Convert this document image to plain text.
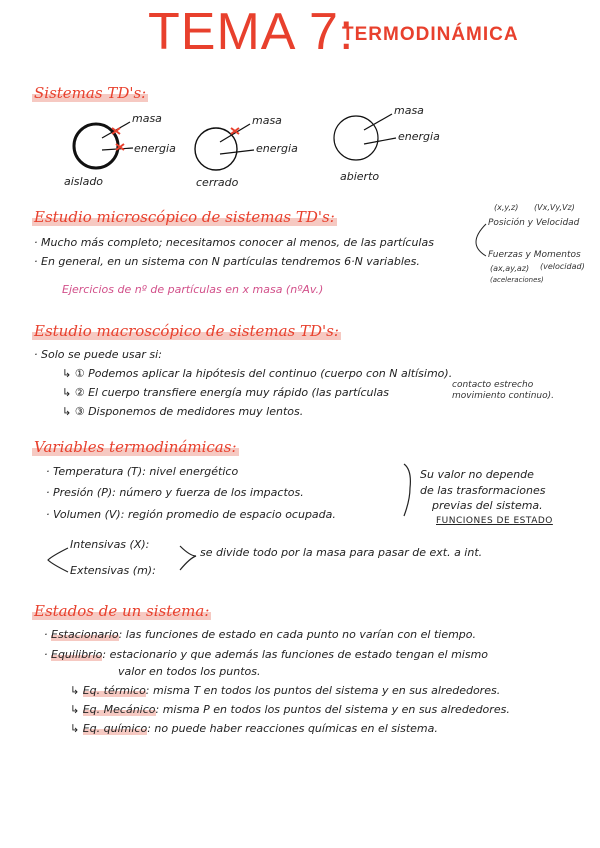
TEMA 7:
TERMODINÁMICA
Sistemas TD's:
masa
energia
masa
energia
masa
energia
aislado	cerrado	abierto
Estudio microscópico de sistemas TD's:
· Mucho más completo; necesitamos conocer al menos, de las partículas
· En general, en un sistema con N partículas tendremos 6·N variables.
Ejercicios de nº de partículas en x masa (nºAv.)
(x,y,z) (Vx,Vy,Vz)
Posición y Velocidad
Fuerzas y Momentos
(velocidad)
(ax,ay,az)
(aceleraciones)
Estudio macroscópico de sistemas TD's:
· Solo se puede usar si:
↳ ① Podemos aplicar la hipótesis del continuo (cuerpo con N altísimo).
↳ ② El cuerpo transfiere energía muy rápido (las partículas
↳ ③ Disponemos de medidores muy lentos.
contacto estrecho
movimiento continuo).
Variables termodinámicas:
· Temperatura (T): nivel energético
· Presión (P): número y fuerza de los impactos.
· Volumen (V): región promedio de espacio ocupada.
Su valor no depende
de las trasformaciones
previas del sistema.
FUNCIONES DE ESTADO
Intensivas (X):
Extensivas (m):
se divide todo por la masa para pasar de ext. a int.
Estados de un sistema:
· Estacionario: las funciones de estado en cada punto no varían con el tiempo.
· Equilibrio: estacionario y que además las funciones de estado tengan el mismo
valor en todos los puntos.
↳ Eq. térmico: misma T en todos los puntos del sistema y en sus alrededores.
↳ Eq. Mecánico: misma P en todos los puntos del sistema y en sus alrededores.
↳ Eq. químico: no puede haber reacciones químicas en el sistema.
